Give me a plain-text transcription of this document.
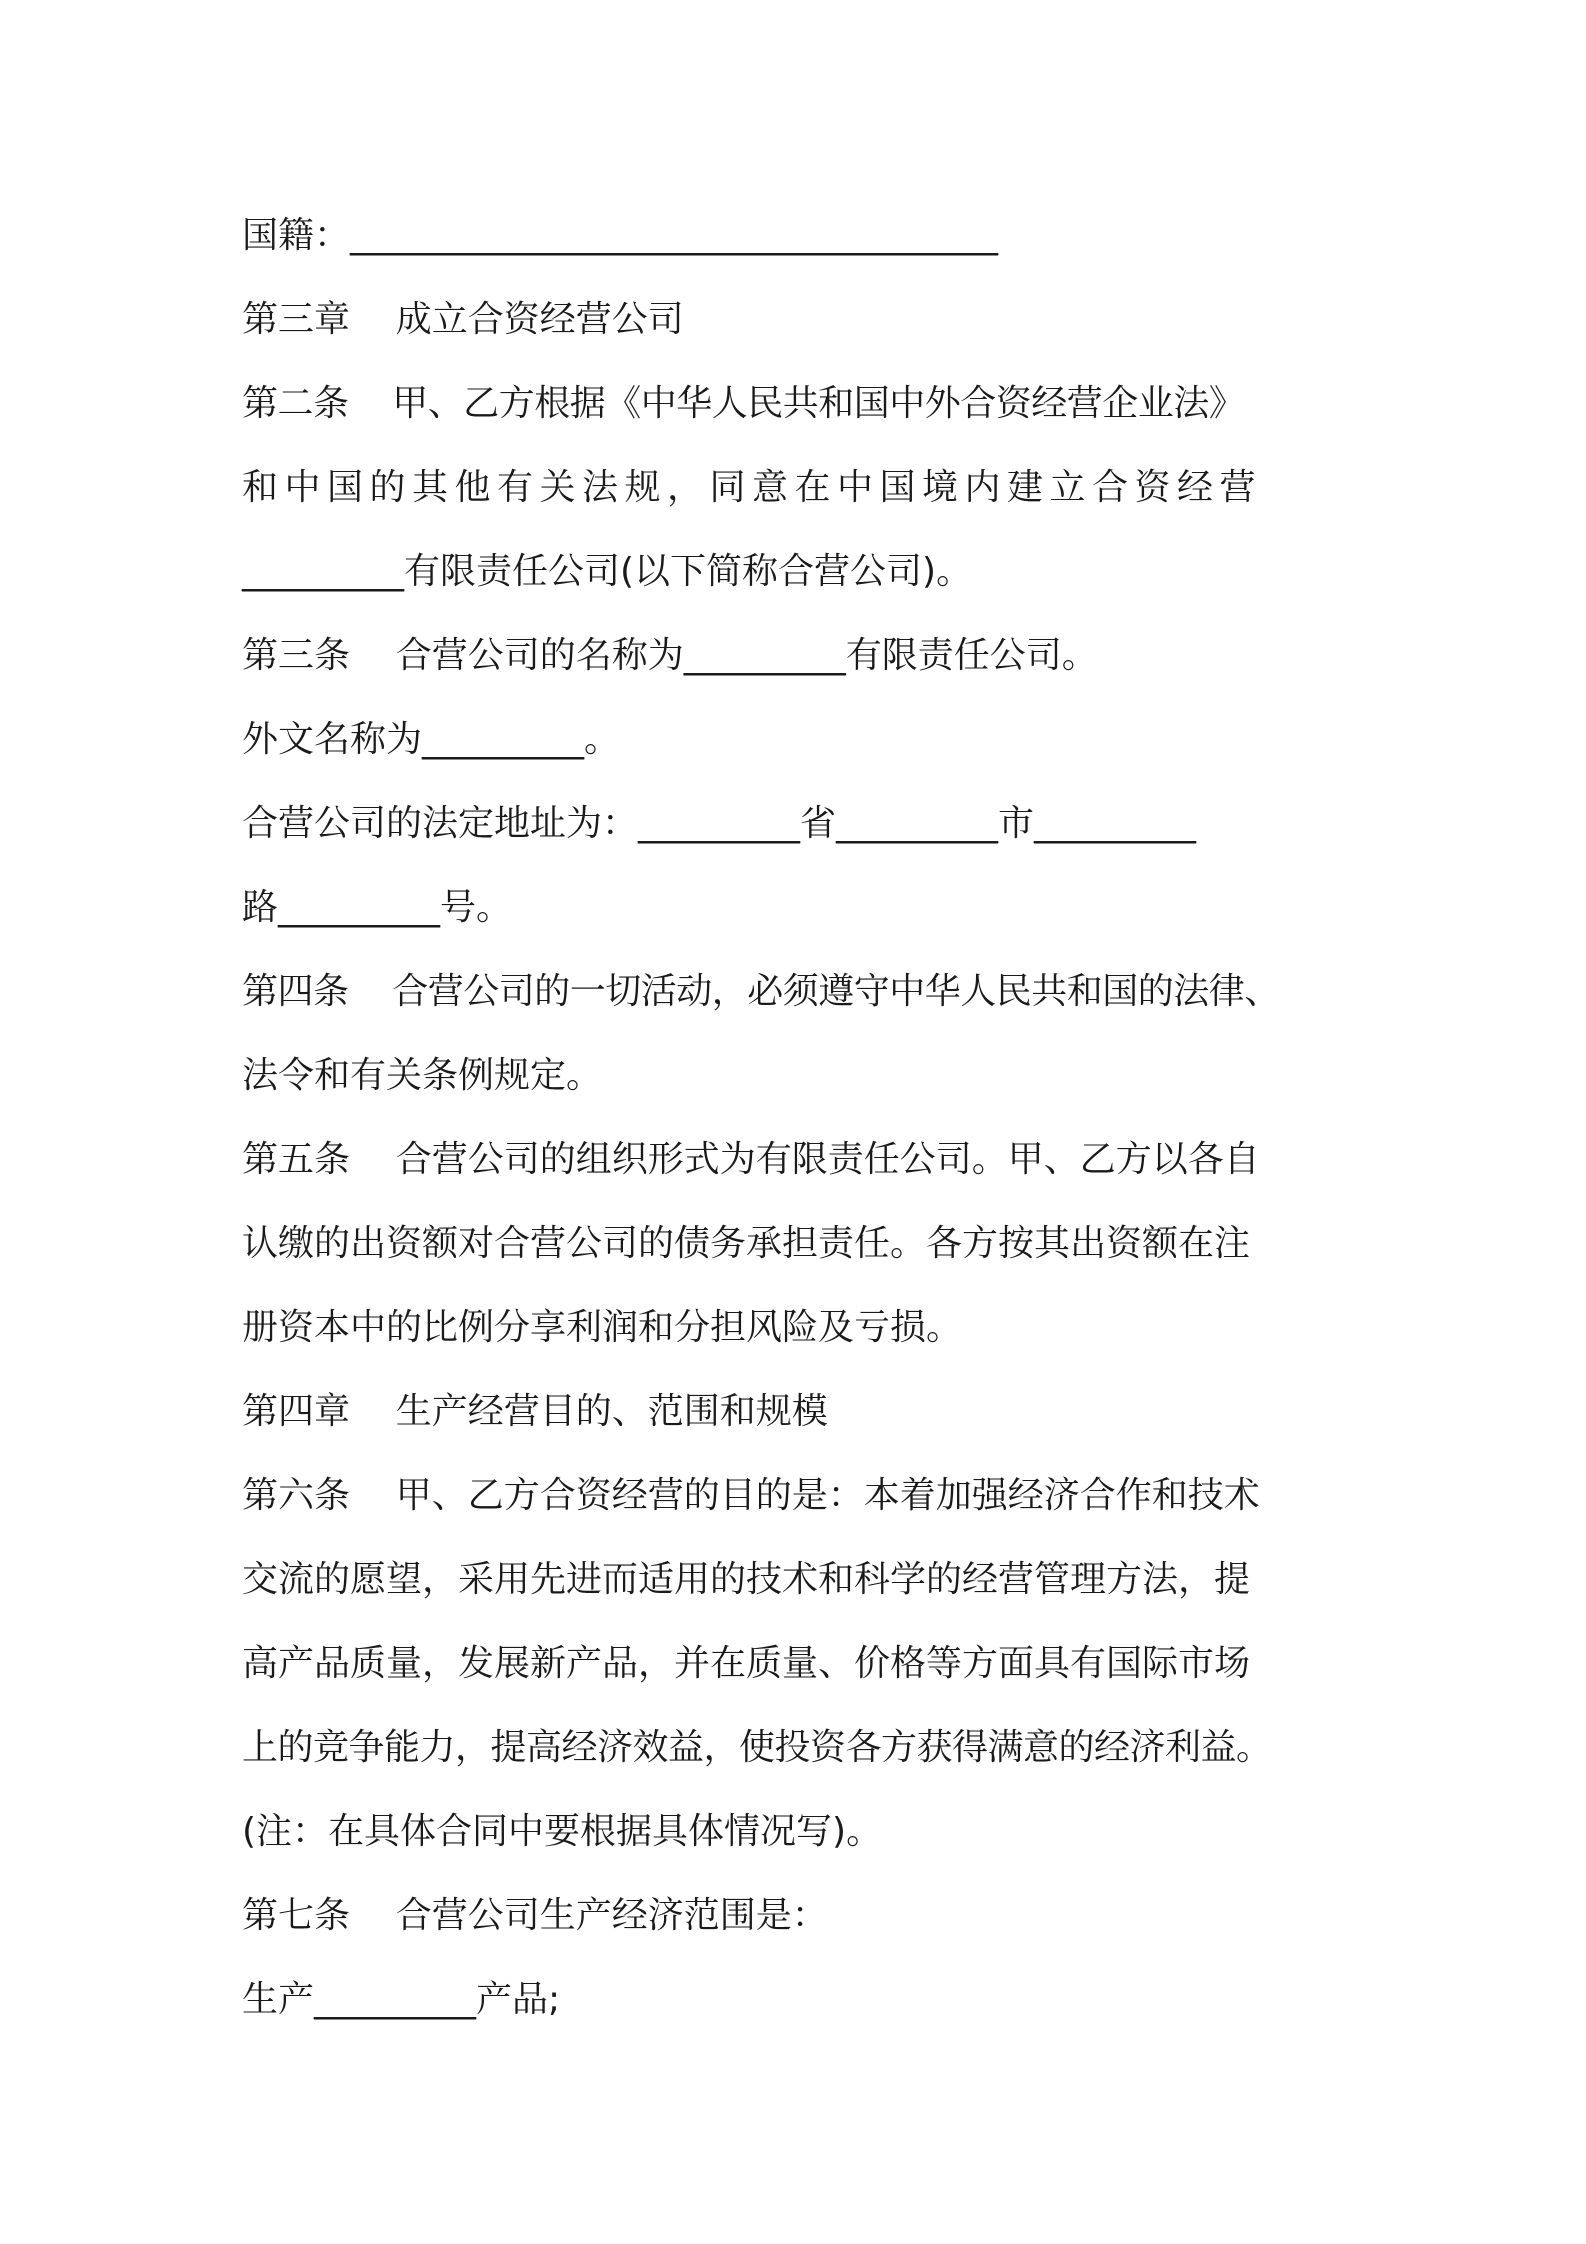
国籍：____________________________________
第三章    成立合资经营公司
第二条    甲、乙方根据《中华人民共和国中外合资经营企业法》
和中国的其他有关法规，同意在中国境内建立合资经营
_________有限责任公司(以下简称合营公司)。
第三条    合营公司的名称为_________有限责任公司。
外文名称为_________。
合营公司的法定地址为：_________省_________市_________
路_________号。
第四条    合营公司的一切活动，必须遵守中华人民共和国的法律、
法令和有关条例规定。
第五条    合营公司的组织形式为有限责任公司。甲、乙方以各自
认缴的出资额对合营公司的债务承担责任。各方按其出资额在注
册资本中的比例分享利润和分担风险及亏损。
第四章    生产经营目的、范围和规模
第六条    甲、乙方合资经营的目的是：本着加强经济合作和技术
交流的愿望，采用先进而适用的技术和科学的经营管理方法，提
高产品质量，发展新产品，并在质量、价格等方面具有国际市场
上的竞争能力，提高经济效益，使投资各方获得满意的经济利益。
(注：在具体合同中要根据具体情况写)。
第七条    合营公司生产经济范围是：
生产_________产品;
